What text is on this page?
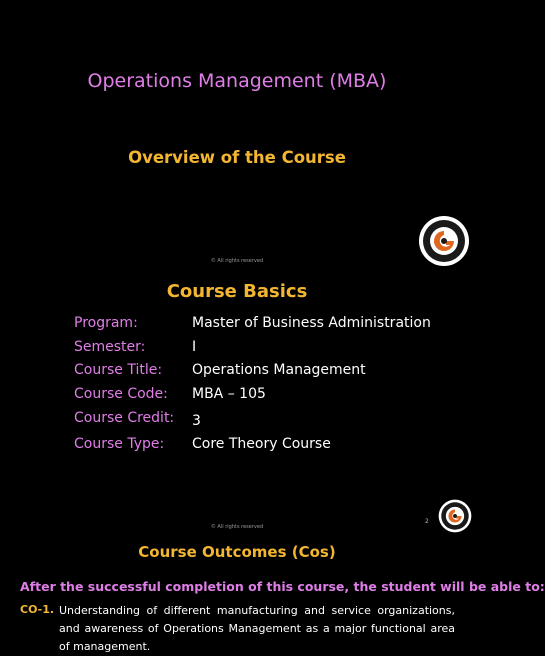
Operations Management (MBA)
Overview of the Course
© All rights reserved
Course Basics
Program:	Master of Business Administration
Semester:	I
Course Title: Operations Management
Course Code: MBA – 105
Course Credit: 3
Course Type: Core Theory Course
2
© All rights reserved
Course Outcomes (Cos)
After the successful completion of this course, the student will be able to:
CO-1. Understanding of different manufacturing and service organizations, and awareness of Operations Management as a major functional area of management.
